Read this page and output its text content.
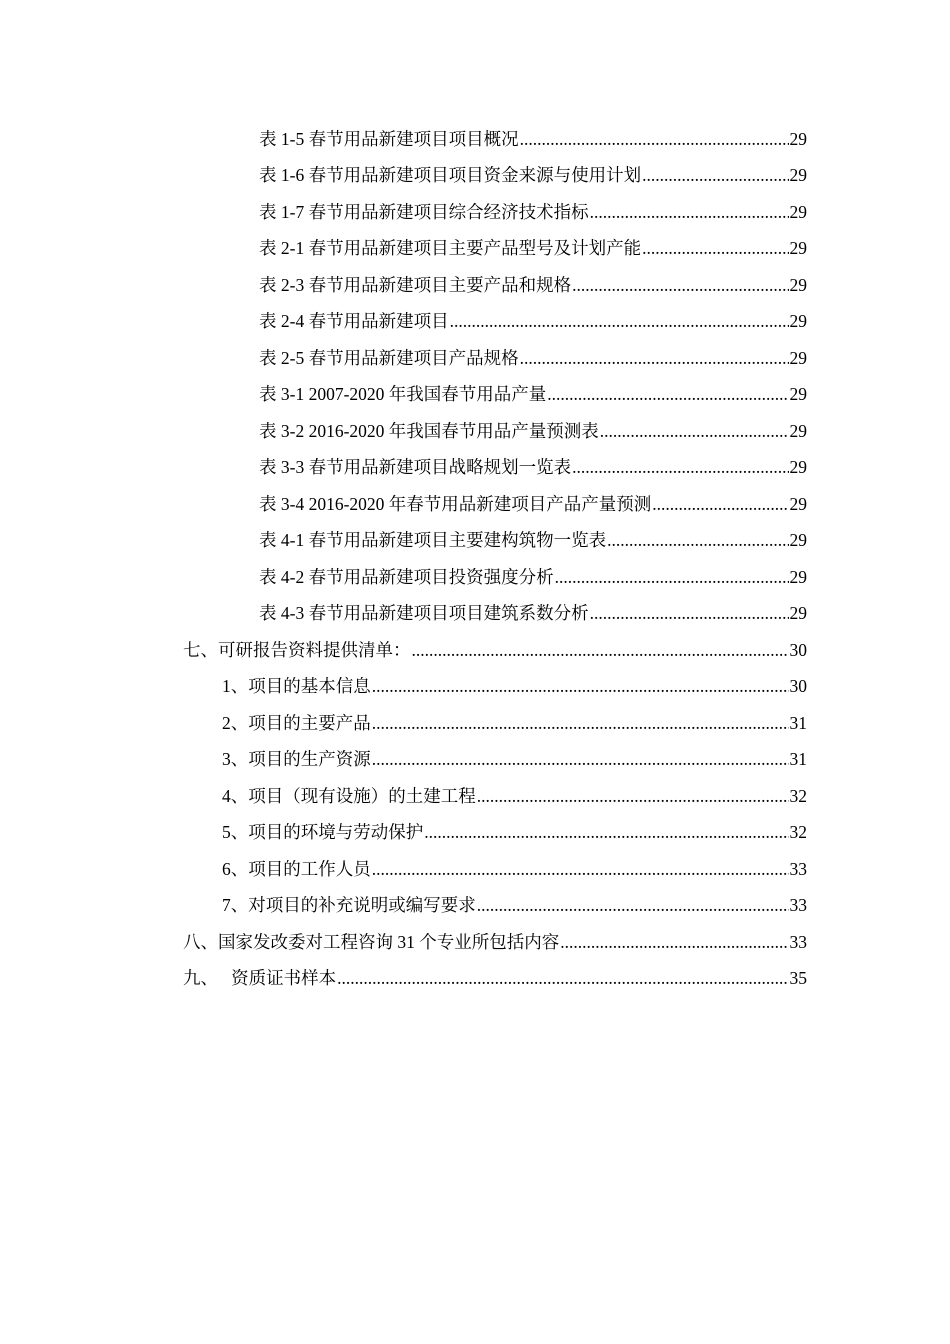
表 1-5 春节用品新建项目项目概况 .....	29
表 1-6 春节用品新建项目项目资金来源与使用计划 .....	29
表 1-7 春节用品新建项目综合经济技术指标 .....	29
表 2-1 春节用品新建项目主要产品型号及计划产能 .....	29
表 2-3 春节用品新建项目主要产品和规格 .....	29
表 2-4 春节用品新建项目 .....	29
表 2-5 春节用品新建项目产品规格 .....	29
表 3-1 2007-2020 年我国春节用品产量 .....	29
表 3-2 2016-2020 年我国春节用品产量预测表 .....	29
表 3-3 春节用品新建项目战略规划一览表 .....	29
表 3-4 2016-2020 年春节用品新建项目产品产量预测 .....	29
表 4-1 春节用品新建项目主要建构筑物一览表 .....	29
表 4-2 春节用品新建项目投资强度分析 .....	29
表 4-3 春节用品新建项目项目建筑系数分析 .....	29
七、可研报告资料提供清单： .....	30
1、项目的基本信息 .....	30
2、项目的主要产品 .....	31
3、项目的生产资源 .....	31
4、项目（现有设施）的土建工程 .....	32
5、项目的环境与劳动保护 .....	32
6、项目的工作人员 .....	33
7、对项目的补充说明或编写要求 .....	33
八、国家发改委对工程咨询 31 个专业所包括内容 .....	33
九、   资质证书样本 .....	35
